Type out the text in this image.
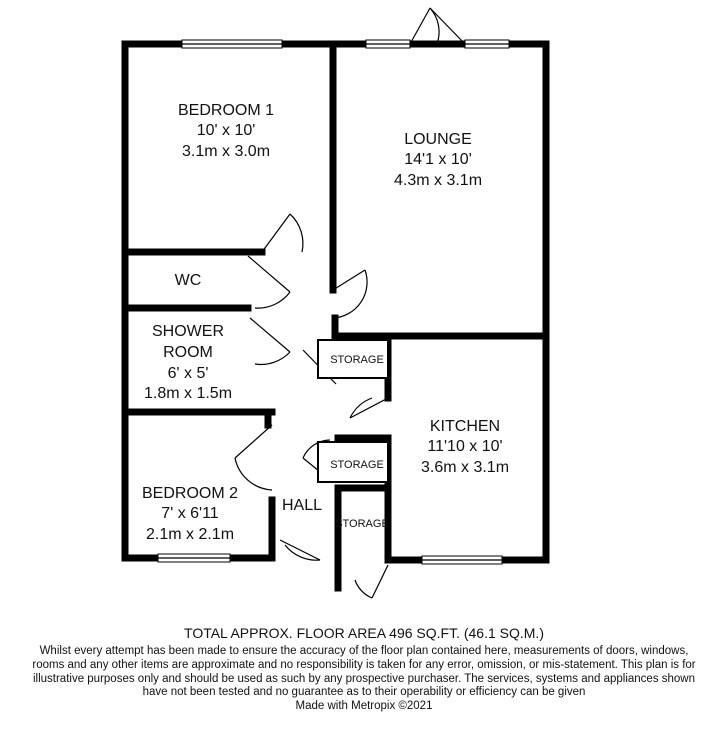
BEDROOM 1
10' x 10'
3.1m x 3.0m
LOUNGE
14'1 x 10'
4.3m x 3.1m
WC
SHOWER
ROOM
6' x 5'
1.8m x 1.5m
STORAGE
KITCHEN
11'10 x 10'
3.6m x 3.1m
STORAGE
BEDROOM 2
7' x 6'11
2.1m x 2.1m
HALL
STORAGE
TOTAL APPROX. FLOOR AREA 496 SQ.FT. (46.1 SQ.M.)
Whilst every attempt has been made to ensure the accuracy of the floor plan contained here, measurements of doors, windows, rooms and any other items are approximate and no responsibility is taken for any error, omission, or mis-statement. This plan is for illustrative purposes only and should be used as such by any prospective purchaser. The services, systems and appliances shown have not been tested and no guarantee as to their operability or efficiency can be given
Made with Metropix ©2021
